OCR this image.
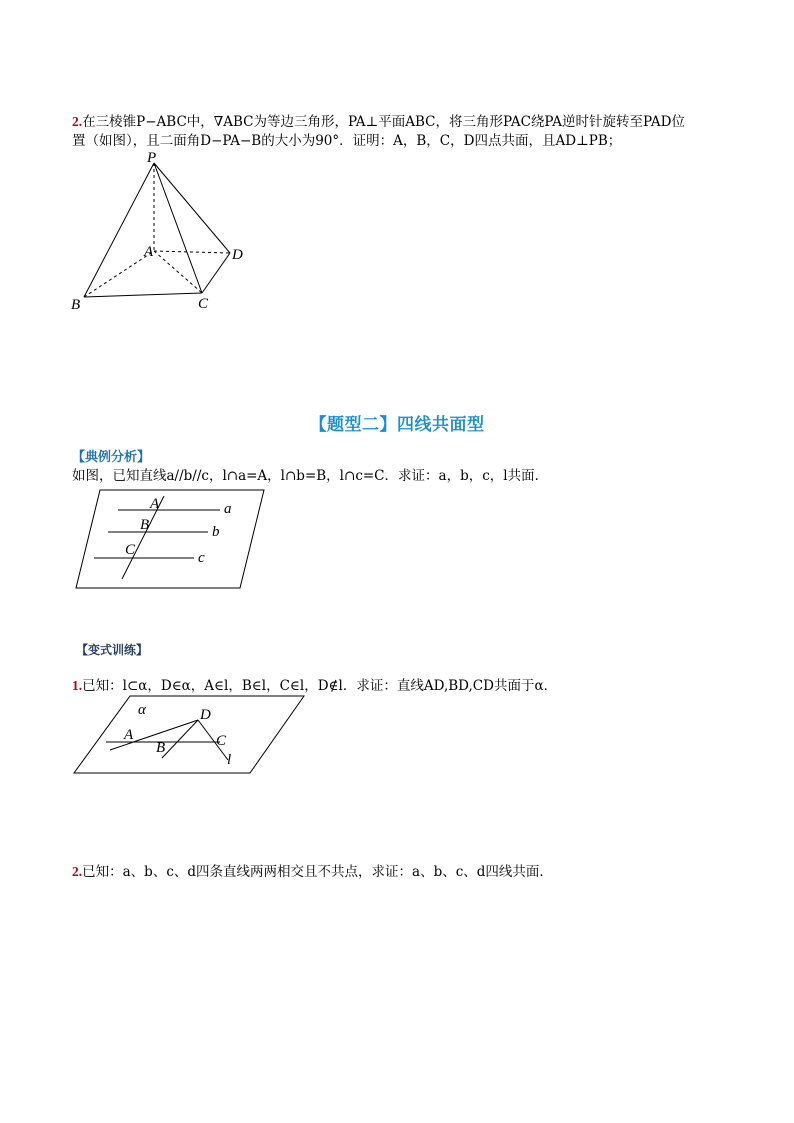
2.在三棱锥P−ABC中，∇ABC为等边三角形，PA⊥平面ABC，将三角形PAC绕PA逆时针旋转至PAD位
置（如图），且二面角D−PA−B的大小为90°．证明：A，B，C，D四点共面，且AD⊥PB；
P
A
B	C
D
【题型二】四线共面型
【典例分析】
如图，已知直线a//b//c，l∩a=A，l∩b=B，l∩c=C．求证：a，b，c，l共面．
A
B
C
a
b
c
【变式训练】
1.已知：l⊂α，D∈α，A∈l，B∈l，C∈l，D∉l．求证：直线AD,BD,CD共面于α．
α
A
B	C
D
l
2.已知：a、b、c、d四条直线两两相交且不共点，求证：a、b、c、d四线共面．
